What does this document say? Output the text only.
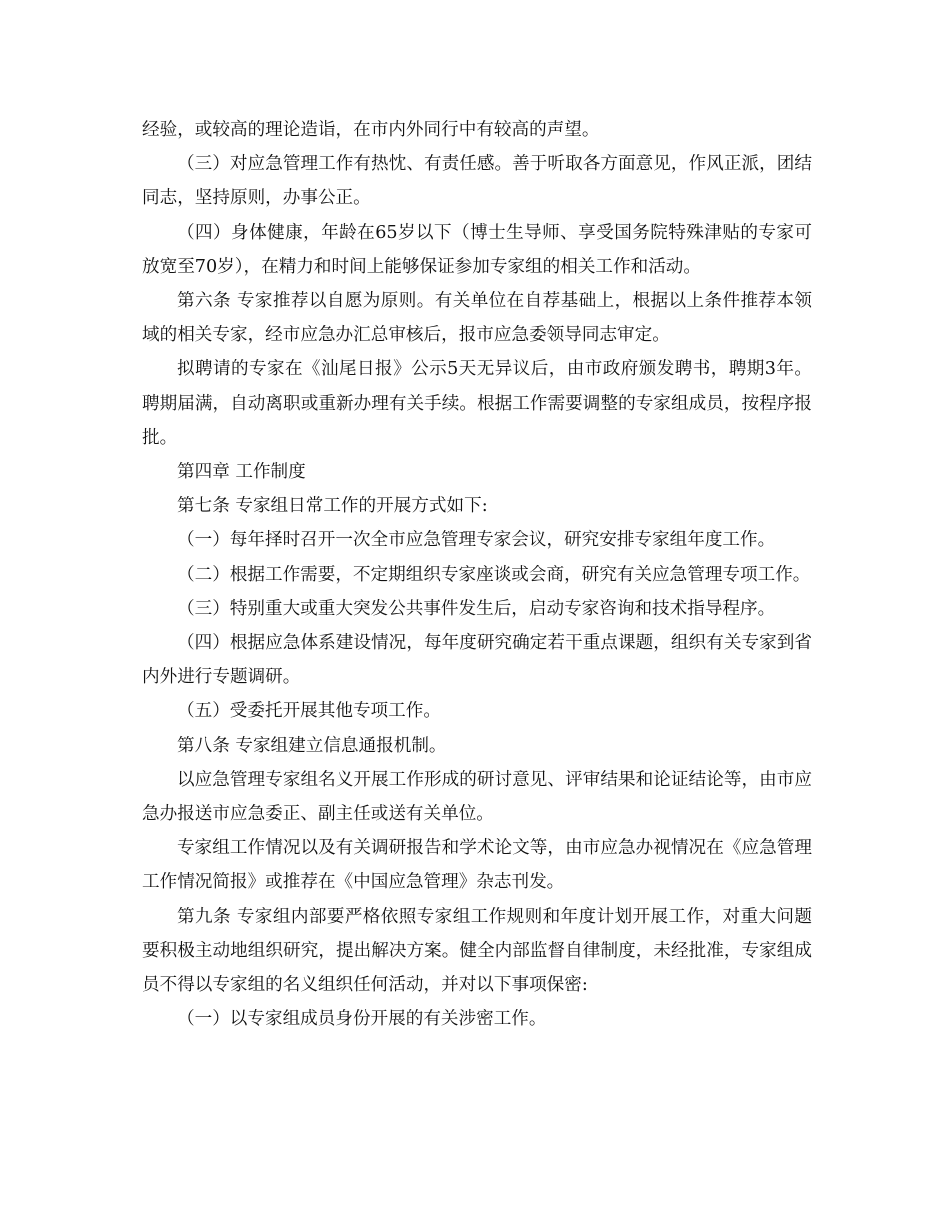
经验，或较高的理论造诣，在市内外同行中有较高的声望。

（三）对应急管理工作有热忱、有责任感。善于听取各方面意见，作风正派，团结同志，坚持原则，办事公正。

（四）身体健康，年龄在65岁以下（博士生导师、享受国务院特殊津贴的专家可放宽至70岁），在精力和时间上能够保证参加专家组的相关工作和活动。

第六条 专家推荐以自愿为原则。有关单位在自荐基础上，根据以上条件推荐本领域的相关专家，经市应急办汇总审核后，报市应急委领导同志审定。

拟聘请的专家在《汕尾日报》公示5天无异议后，由市政府颁发聘书，聘期3年。聘期届满，自动离职或重新办理有关手续。根据工作需要调整的专家组成员，按程序报批。

第四章 工作制度

第七条 专家组日常工作的开展方式如下:

（一）每年择时召开一次全市应急管理专家会议，研究安排专家组年度工作。

（二）根据工作需要，不定期组织专家座谈或会商，研究有关应急管理专项工作。

（三）特别重大或重大突发公共事件发生后，启动专家咨询和技术指导程序。

（四）根据应急体系建设情况，每年度研究确定若干重点课题，组织有关专家到省内外进行专题调研。

（五）受委托开展其他专项工作。

第八条 专家组建立信息通报机制。

以应急管理专家组名义开展工作形成的研讨意见、评审结果和论证结论等，由市应急办报送市应急委正、副主任或送有关单位。

专家组工作情况以及有关调研报告和学术论文等，由市应急办视情况在《应急管理工作情况简报》或推荐在《中国应急管理》杂志刊发。

第九条 专家组内部要严格依照专家组工作规则和年度计划开展工作，对重大问题要积极主动地组织研究，提出解决方案。健全内部监督自律制度，未经批准，专家组成员不得以专家组的名义组织任何活动，并对以下事项保密:

（一）以专家组成员身份开展的有关涉密工作。
